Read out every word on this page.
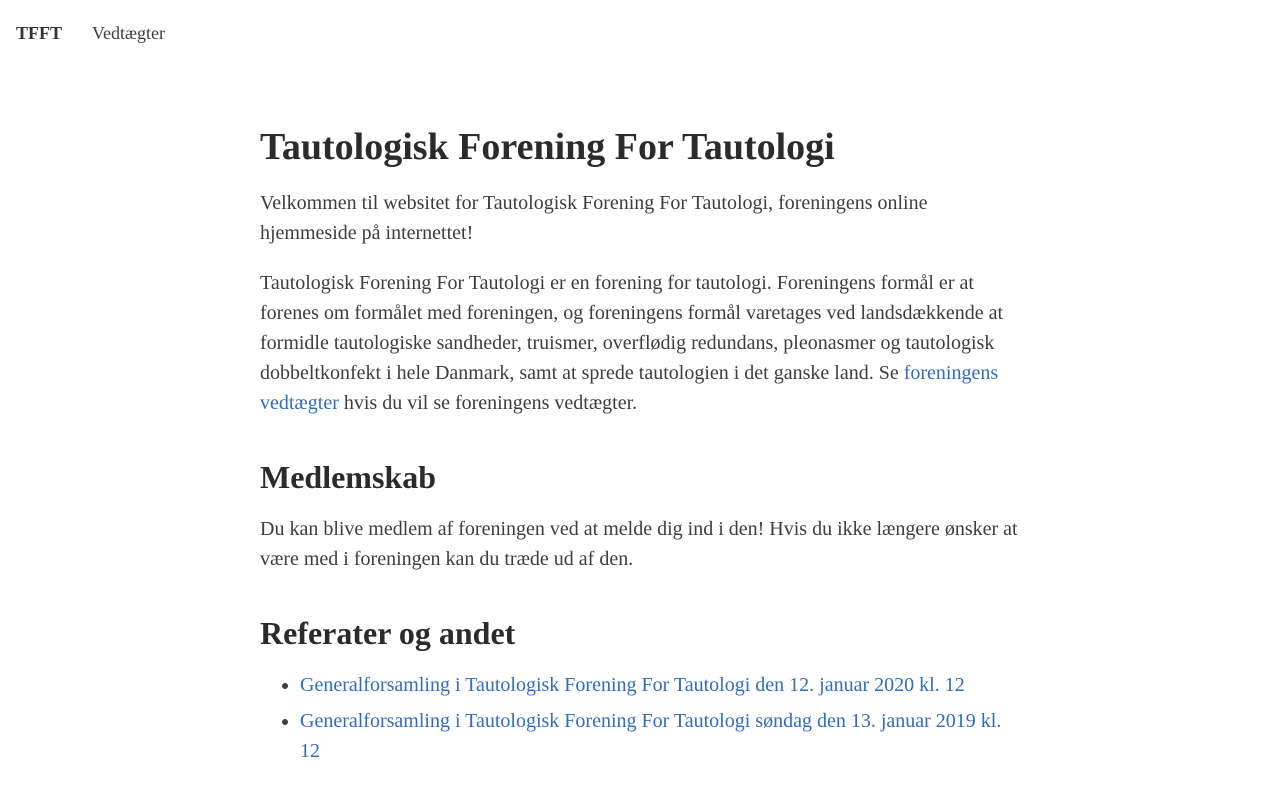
TFFT Vedtægter
Tautologisk Forening For Tautologi

Velkommen til websitet for Tautologisk Forening For Tautologi, foreningens online hjemmeside på internettet!

Tautologisk Forening For Tautologi er en forening for tautologi. Foreningens formål er at forenes om formålet med foreningen, og foreningens formål varetages ved landsdækkende at formidle tautologiske sandheder, truismer, overflødig redundans, pleonasmer og tautologisk dobbeltkonfekt i hele Danmark, samt at sprede tautologien i det ganske land. Se foreningens vedtægter hvis du vil se foreningens vedtægter.

Medlemskab

Du kan blive medlem af foreningen ved at melde dig ind i den! Hvis du ikke længere ønsker at være med i foreningen kan du træde ud af den.

Referater og andet
• Generalforsamling i Tautologisk Forening For Tautologi den 12. januar 2020 kl. 12
• Generalforsamling i Tautologisk Forening For Tautologi søndag den 13. januar 2019 kl. 12
